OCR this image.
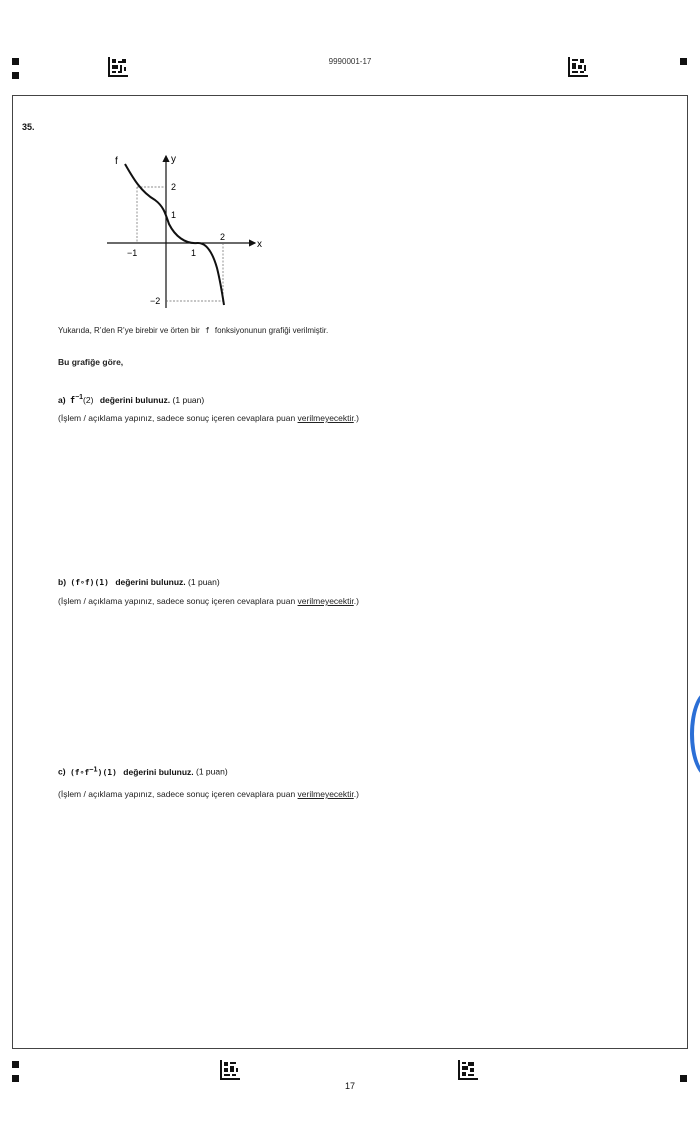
9990001-17
35.
f	y
x
2
1
−2
−1	1
2
Yukarıda, R’den R’ye birebir ve örten bir f fonksiyonunun grafiği verilmiştir.
Bu grafiğe göre,
a) $f^{-1}(2)$ değerini bulunuz. (1 puan)
(İşlem / açıklama yapınız, sadece sonuç içeren cevaplara puan verilmeyecektir.)
b) (f∘f)(1) değerini bulunuz. (1 puan)
(İşlem / açıklama yapınız, sadece sonuç içeren cevaplara puan verilmeyecektir.)
c) $(f\circ f^{-1})(1)$ değerini bulunuz. (1 puan)
(İşlem / açıklama yapınız, sadece sonuç içeren cevaplara puan verilmeyecektir.)
17
